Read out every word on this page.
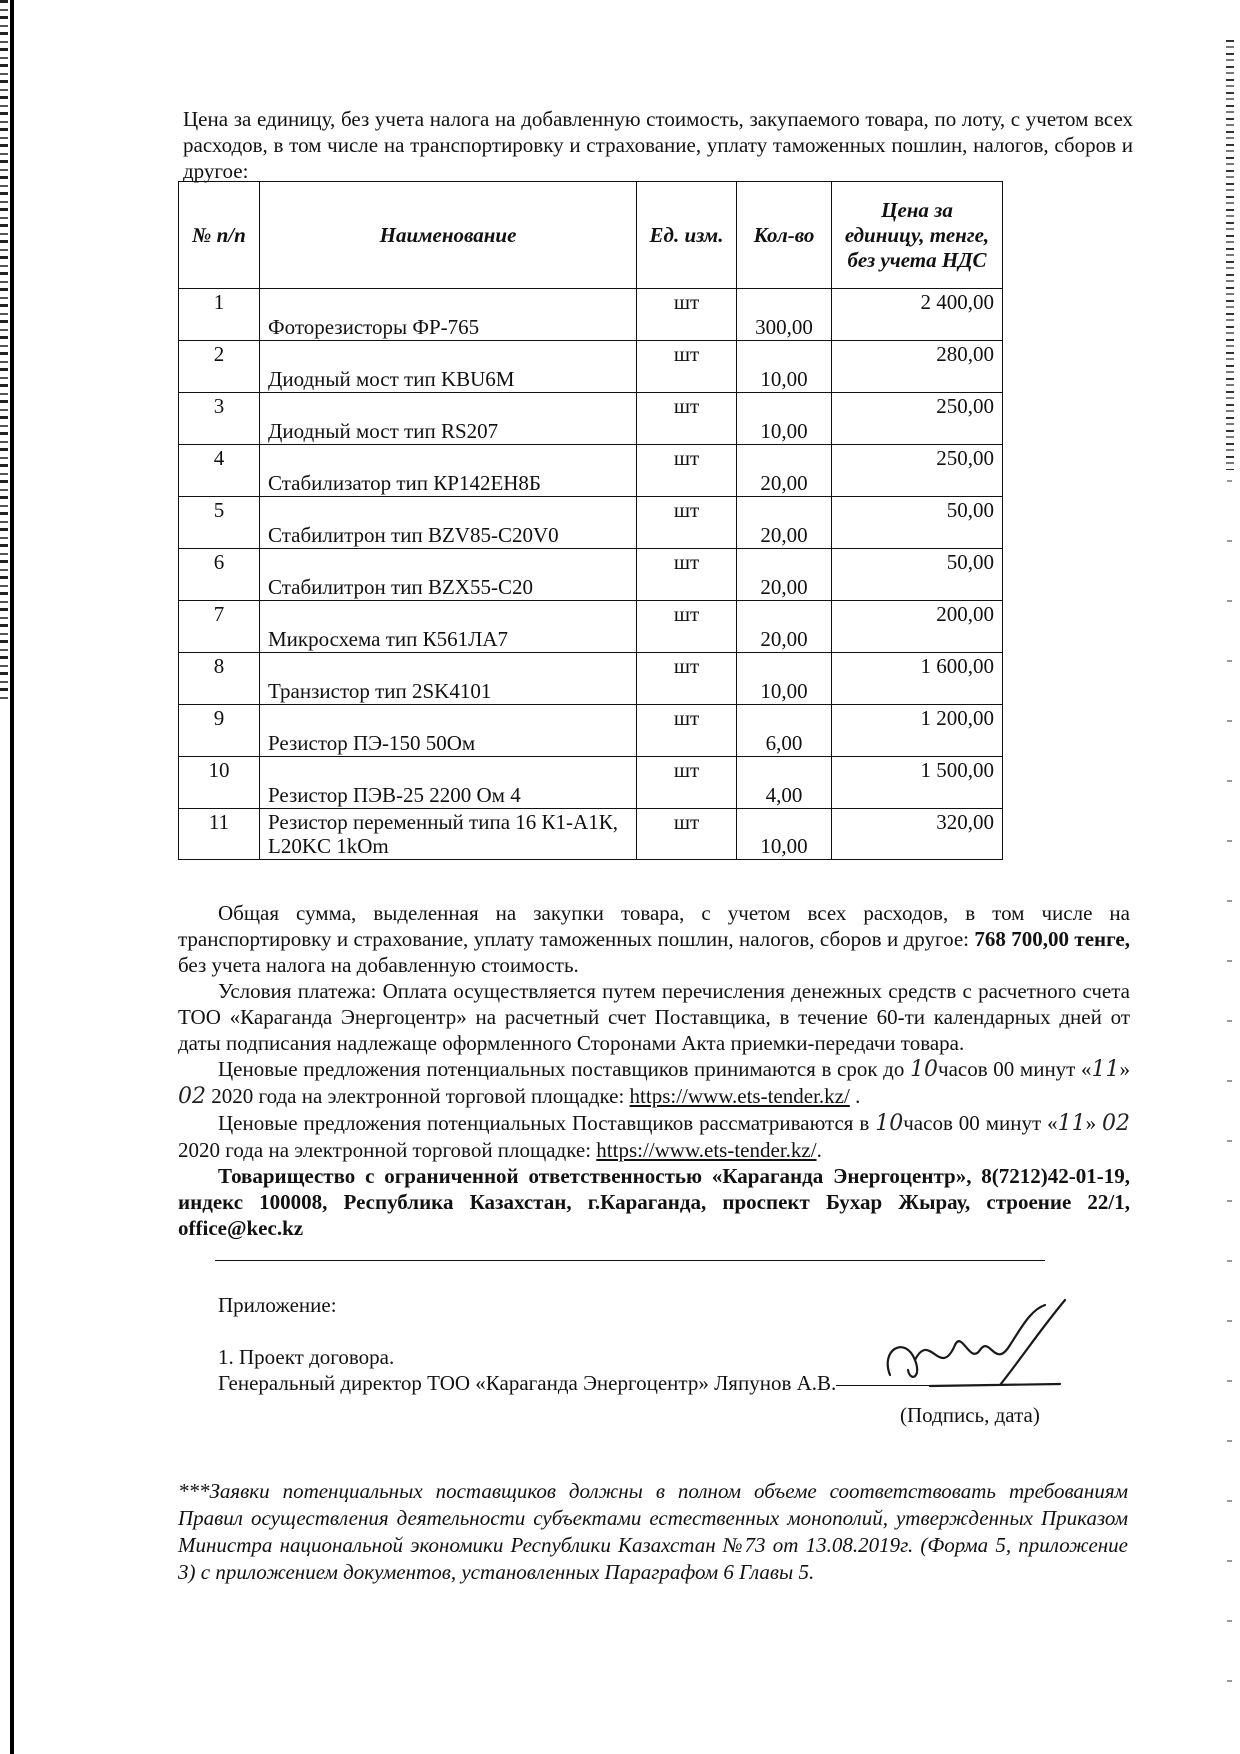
Цена за единицу, без учета налога на добавленную стоимость, закупаемого товара, по лоту, с учетом всех расходов, в том числе на транспортировку и страхование, уплату таможенных пошлин, налогов, сборов и другое:

№ п/п	Наименование	Ед. изм.	Кол-во	Цена за единицу, тенге, без учета НДС
1	Фоторезисторы ФР-765	шт	300,00	2 400,00
2	Диодный мост тип KBU6M	шт	10,00	280,00
3	Диодный мост тип RS207	шт	10,00	250,00
4	Стабилизатор тип КР142ЕН8Б	шт	20,00	250,00
5	Стабилитрон тип BZV85-C20V0	шт	20,00	50,00
6	Стабилитрон тип BZX55-C20	шт	20,00	50,00
7	Микросхема тип К561ЛА7	шт	20,00	200,00
8	Транзистор тип 2SK4101	шт	10,00	1 600,00
9	Резистор ПЭ-150 50Ом	шт	6,00	1 200,00
10	Резистор ПЭВ-25 2200 Ом 4	шт	4,00	1 500,00
11	Резистор переменный типа 16 К1-А1К, L20KC 1kOm	шт	10,00	320,00

Общая сумма, выделенная на закупки товара, с учетом всех расходов, в том числе на транспортировку и страхование, уплату таможенных пошлин, налогов, сборов и другое: 768 700,00 тенге, без учета налога на добавленную стоимость.

Условия платежа: Оплата осуществляется путем перечисления денежных средств с расчетного счета ТОО «Караганда Энергоцентр» на расчетный счет Поставщика, в течение 60-ти календарных дней от даты подписания надлежаще оформленного Сторонами Акта приемки-передачи товара.

Ценовые предложения потенциальных поставщиков принимаются в срок до 10часов 00 минут «11» 02 2020 года на электронной торговой площадке: https://www.ets-tender.kz/ .

Ценовые предложения потенциальных Поставщиков рассматриваются в 10часов 00 минут «11» 02 2020 года на электронной торговой площадке: https://www.ets-tender.kz/.

Товарищество с ограниченной ответственностью «Караганда Энергоцентр», 8(7212)42-01-19, индекс 100008, Республика Казахстан, г.Караганда, проспект Бухар Жырау, строение 22/1, office@kec.kz

Приложение:

1. Проект договора.

Генеральный директор ТОО «Караганда Энергоцентр» Ляпунов А.В.

(Подпись, дата)

***Заявки потенциальных поставщиков должны в полном объеме соответствовать требованиям Правил осуществления деятельности субъектами естественных монополий, утвержденных Приказом Министра национальной экономики Республики Казахстан №73 от 13.08.2019г. (Форма 5, приложение 3) с приложением документов, установленных Параграфом 6 Главы 5.
